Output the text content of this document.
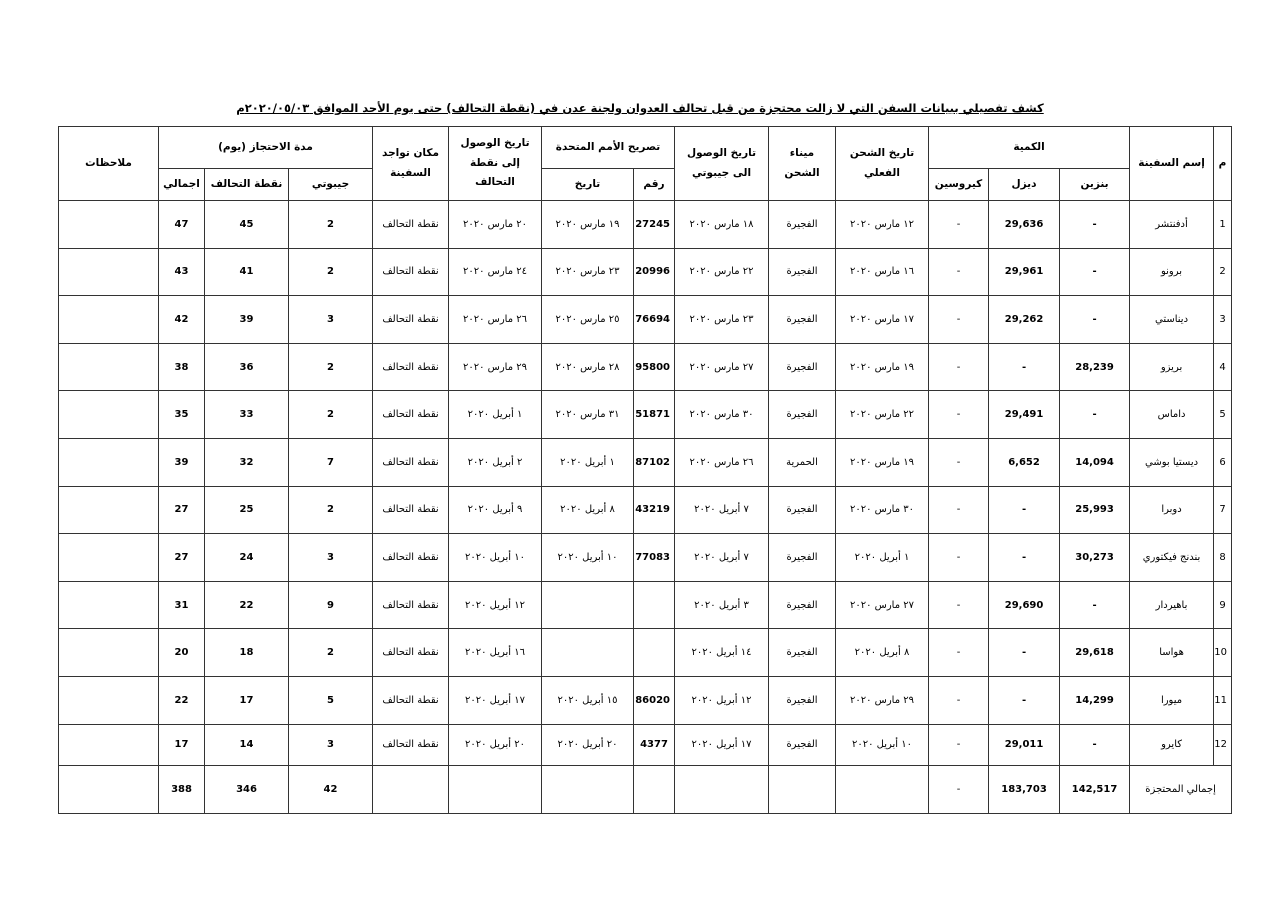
كشف تفصيلي ببيانات السفن التي لا زالت محتجزة من قبل تحالف العدوان ولجنة عدن في (نقطة التحالف) حتى يوم الأحد الموافق ٢٠٢٠/٠٥/٠٣م
م	إسم السفينة	الكمية			تاريخ الشحن الفعلي	ميناء الشحن	تاريخ الوصول الى جيبوتي	تصريح الأمم المتحدة		تاريخ الوصول إلى نقطة التحالف	مكان تواجد السفينة	مدة الاحتجاز (يوم)			ملاحظات
		بنزين	ديزل	كيروسين				رقم	تاريخ			جيبوتي	نقطة التحالف	اجمالي	
1	أدفنتشر	-	29,636	-	١٢ مارس ٢٠٢٠	الفجيرة	١٨ مارس ٢٠٢٠	27245	١٩ مارس ٢٠٢٠	٢٠ مارس ٢٠٢٠	نقطة التحالف	2	45	47	
2	برونو	-	29,961	-	١٦ مارس ٢٠٢٠	الفجيرة	٢٢ مارس ٢٠٢٠	20996	٢٣ مارس ٢٠٢٠	٢٤ مارس ٢٠٢٠	نقطة التحالف	2	41	43	
3	ديناستي	-	29,262	-	١٧ مارس ٢٠٢٠	الفجيرة	٢٣ مارس ٢٠٢٠	76694	٢٥ مارس ٢٠٢٠	٢٦ مارس ٢٠٢٠	نقطة التحالف	3	39	42	
4	بريزو	28,239	-	-	١٩ مارس ٢٠٢٠	الفجيرة	٢٧ مارس ٢٠٢٠	95800	٢٨ مارس ٢٠٢٠	٢٩ مارس ٢٠٢٠	نقطة التحالف	2	36	38	
5	داماس	-	29,491	-	٢٢ مارس ٢٠٢٠	الفجيرة	٣٠ مارس ٢٠٢٠	51871	٣١ مارس ٢٠٢٠	١ أبريل ٢٠٢٠	نقطة التحالف	2	33	35	
6	ديستيا بوشي	14,094	6,652	-	١٩ مارس ٢٠٢٠	الحمرية	٢٦ مارس ٢٠٢٠	87102	١ أبريل ٢٠٢٠	٢ أبريل ٢٠٢٠	نقطة التحالف	7	32	39	
7	دوبرا	25,993	-	-	٣٠ مارس ٢٠٢٠	الفجيرة	٧ أبريل ٢٠٢٠	43219	٨ أبريل ٢٠٢٠	٩ أبريل ٢٠٢٠	نقطة التحالف	2	25	27	
8	بندنج فيكتوري	30,273	-	-	١ أبريل ٢٠٢٠	الفجيرة	٧ أبريل ٢٠٢٠	77083	١٠ أبريل ٢٠٢٠	١٠ أبريل ٢٠٢٠	نقطة التحالف	3	24	27	
9	باهيردار	-	29,690	-	٢٧ مارس ٢٠٢٠	الفجيرة	٣ أبريل ٢٠٢٠			١٢ أبريل ٢٠٢٠	نقطة التحالف	9	22	31	
10	هواسا	29,618	-	-	٨ أبريل ٢٠٢٠	الفجيرة	١٤ أبريل ٢٠٢٠			١٦ أبريل ٢٠٢٠	نقطة التحالف	2	18	20	
11	ميورا	14,299	-	-	٢٩ مارس ٢٠٢٠	الفجيرة	١٢ أبريل ٢٠٢٠	86020	١٥ أبريل ٢٠٢٠	١٧ أبريل ٢٠٢٠	نقطة التحالف	5	17	22	
12	كايرو	-	29,011	-	١٠ أبريل ٢٠٢٠	الفجيرة	١٧ أبريل ٢٠٢٠	4377	٢٠ أبريل ٢٠٢٠	٢٠ أبريل ٢٠٢٠	نقطة التحالف	3	14	17	
إجمالي المحتجزة		142,517	183,703	-								42	346	388	
